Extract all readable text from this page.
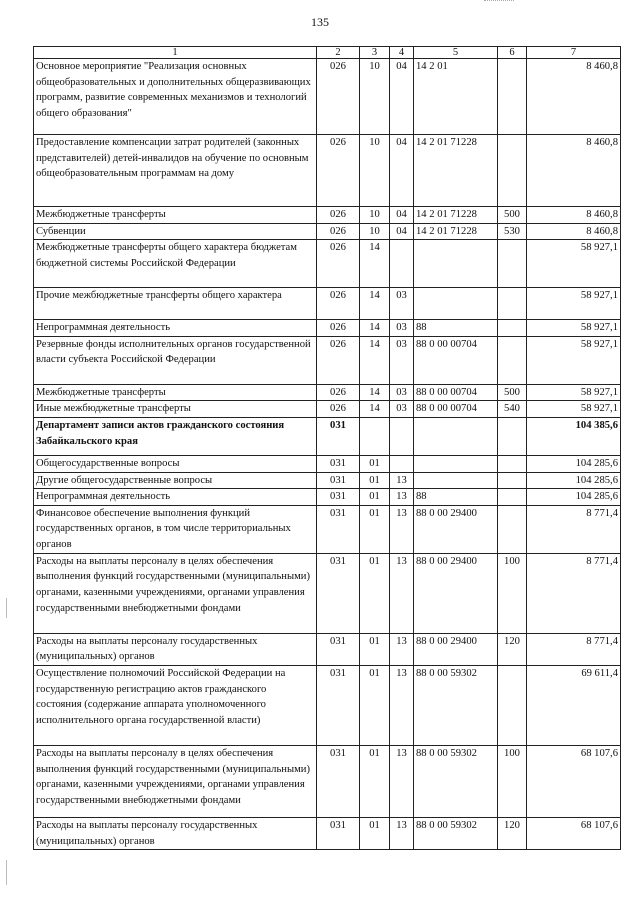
135
1	2	3	4	5	6	7
Основное мероприятие "Реализация основных общеобразовательных и дополнительных общеразвивающих программ, развитие современных механизмов и технологий общего образования"	026	10	04	14 2 01		8 460,8
Предоставление компенсации затрат родителей (законных представителей) детей-инвалидов на обучение по основным общеобразовательным программам на дому	026	10	04	14 2 01 71228		8 460,8
Межбюджетные трансферты	026	10	04	14 2 01 71228	500	8 460,8
Субвенции	026	10	04	14 2 01 71228	530	8 460,8
Межбюджетные трансферты общего характера бюджетам бюджетной системы Российской Федерации	026	14				58 927,1
Прочие межбюджетные трансферты общего характера	026	14	03			58 927,1
Непрограммная деятельность	026	14	03	88		58 927,1
Резервные фонды исполнительных органов государственной власти субъекта Российской Федерации	026	14	03	88 0 00 00704		58 927,1
Межбюджетные трансферты	026	14	03	88 0 00 00704	500	58 927,1
Иные межбюджетные трансферты	026	14	03	88 0 00 00704	540	58 927,1
Департамент записи актов гражданского состояния Забайкальского края	031					104 385,6
Общегосударственные вопросы	031	01				104 285,6
Другие общегосударственные вопросы	031	01	13			104 285,6
Непрограммная деятельность	031	01	13	88		104 285,6
Финансовое обеспечение выполнения функций государственных органов, в том числе территориальных органов	031	01	13	88 0 00 29400		8 771,4
Расходы на выплаты персоналу в целях обеспечения выполнения функций государственными (муниципальными) органами, казенными учреждениями, органами управления государственными внебюджетными фондами	031	01	13	88 0 00 29400	100	8 771,4
Расходы на выплаты персоналу государственных (муниципальных) органов	031	01	13	88 0 00 29400	120	8 771,4
Осуществление полномочий Российской Федерации на государственную регистрацию актов гражданского состояния (содержание аппарата уполномоченного исполнительного органа государственной власти)	031	01	13	88 0 00 59302		69 611,4
Расходы на выплаты персоналу в целях обеспечения выполнения функций государственными (муниципальными) органами, казенными учреждениями, органами управления государственными внебюджетными фондами	031	01	13	88 0 00 59302	100	68 107,6
Расходы на выплаты персоналу государственных (муниципальных) органов	031	01	13	88 0 00 59302	120	68 107,6
